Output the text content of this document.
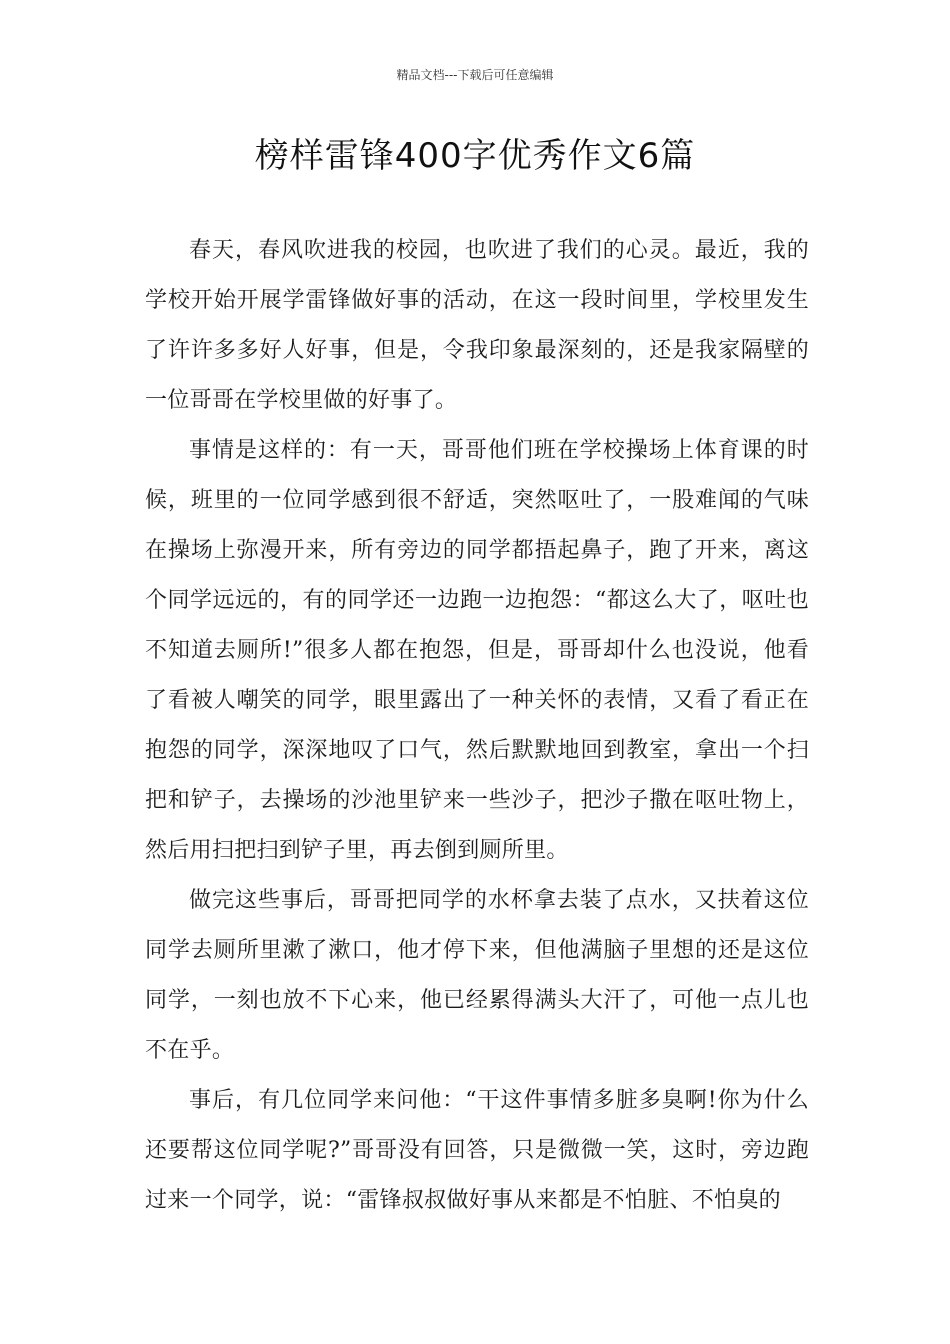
精品文档---下载后可任意编辑
榜样雷锋400字优秀作文6篇

春天，春风吹进我的校园，也吹进了我们的心灵。最近，我的学校开始开展学雷锋做好事的活动，在这一段时间里，学校里发生了许许多多好人好事，但是，令我印象最深刻的，还是我家隔壁的一位哥哥在学校里做的好事了。

事情是这样的：有一天，哥哥他们班在学校操场上体育课的时候，班里的一位同学感到很不舒适，突然呕吐了，一股难闻的气味在操场上弥漫开来，所有旁边的同学都捂起鼻子，跑了开来，离这个同学远远的，有的同学还一边跑一边抱怨：“都这么大了，呕吐也不知道去厕所!”很多人都在抱怨，但是，哥哥却什么也没说，他看了看被人嘲笑的同学，眼里露出了一种关怀的表情，又看了看正在抱怨的同学，深深地叹了口气，然后默默地回到教室，拿出一个扫把和铲子，去操场的沙池里铲来一些沙子，把沙子撒在呕吐物上，然后用扫把扫到铲子里，再去倒到厕所里。

做完这些事后，哥哥把同学的水杯拿去装了点水，又扶着这位同学去厕所里漱了漱口，他才停下来，但他满脑子里想的还是这位同学，一刻也放不下心来，他已经累得满头大汗了，可他一点儿也不在乎。

事后，有几位同学来问他：“干这件事情多脏多臭啊!你为什么还要帮这位同学呢?”哥哥没有回答，只是微微一笑，这时，旁边跑过来一个同学，说：“雷锋叔叔做好事从来都是不怕脏、不怕臭的
